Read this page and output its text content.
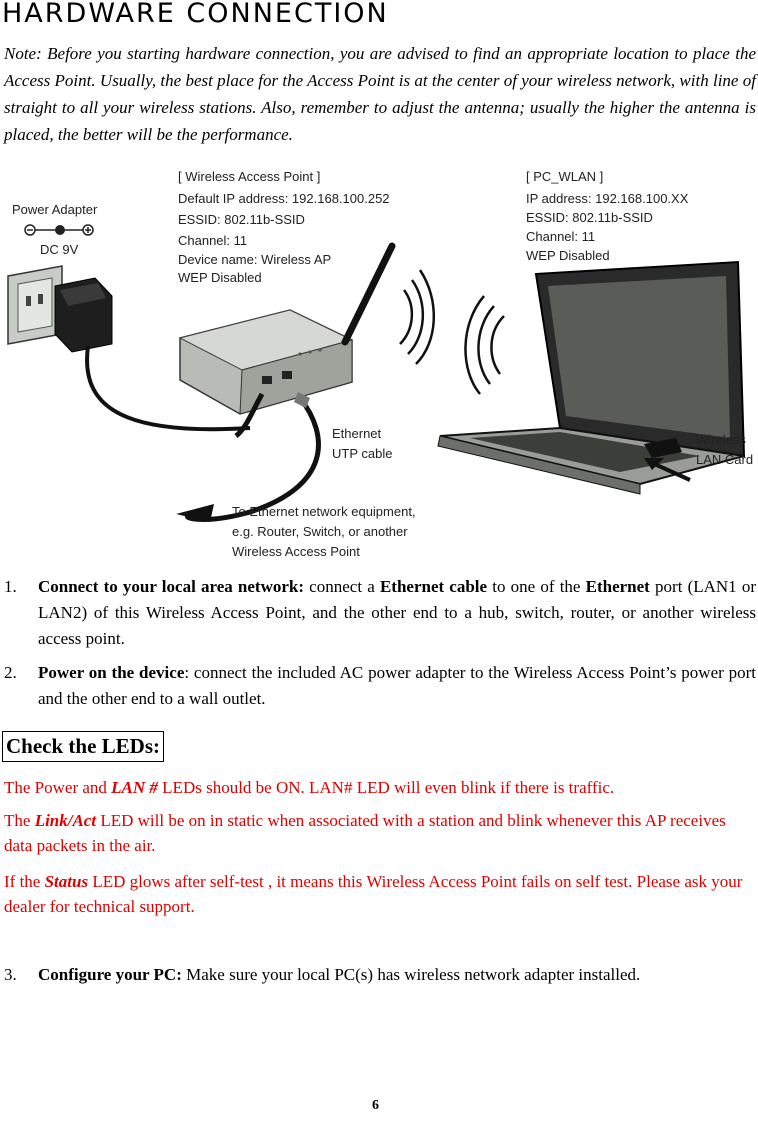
HARDWARE CONNECTION

Note: Before you starting hardware connection, you are advised to find an appropriate location to place the Access Point. Usually, the best place for the Access Point is at the center of your wireless network, with line of straight to all your wireless stations. Also, remember to adjust the antenna; usually the higher the antenna is placed, the better will be the performance.

Power Adapter
DC 9V
[ Wireless Access Point ]
Default IP address: 192.168.100.252
ESSID: 802.11b-SSID
Channel: 11
Device name: Wireless AP
WEP Disabled
[ PC_WLAN ]
IP address: 192.168.100.XX
ESSID: 802.11b-SSID
Channel: 11
WEP Disabled
Ethernet
UTP cable
To Ethernet network equipment,
e.g. Router, Switch, or another
Wireless Access Point
Wireless
LAN Card
1. Connect to your local area network: connect a Ethernet cable to one of the Ethernet port (LAN1 or LAN2) of this Wireless Access Point, and the other end to a hub, switch, router, or another wireless access point.
2. Power on the device: connect the included AC power adapter to the Wireless Access Point’s power port and the other end to a wall outlet.
Check the LEDs:

The Power and LAN # LEDs should be ON. LAN# LED will even blink if there is traffic.

The Link/Act LED will be on in static when associated with a station and blink whenever this AP receives data packets in the air.

If the Status LED glows after self-test , it means this Wireless Access Point fails on self test. Please ask your dealer for technical support.

3. Configure your PC: Make sure your local PC(s) has wireless network adapter installed.
6
